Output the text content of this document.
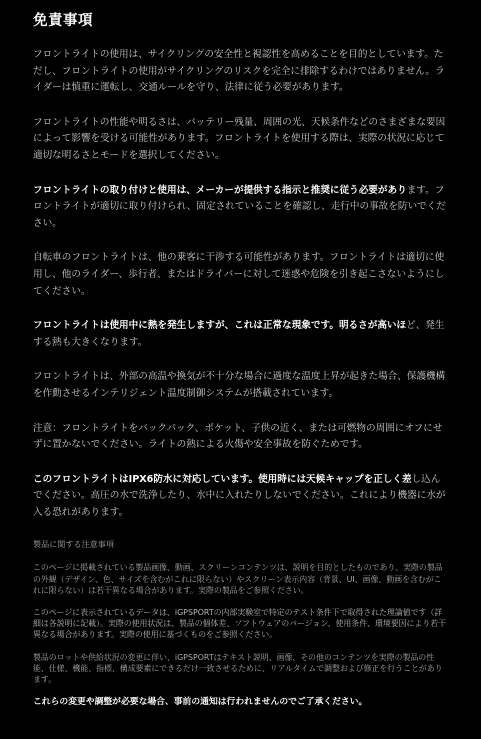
免責事項

フロントライトの使用は、サイクリングの安全性と視認性を高めることを目的としています。ただし、フロントライトの使用がサイクリングのリスクを完全に排除するわけではありません。ライダーは慎重に運転し、交通ルールを守り、法律に従う必要があります。

フロントライトの性能や明るさは、バッテリー残量、周囲の光、天候条件などのさまざまな要因によって影響を受ける可能性があります。フロントライトを使用する際は、実際の状況に応じて適切な明るさとモードを選択してください。

フロントライトの取り付けと使用は、メーカーが提供する指示と推奨に従う必要があります。フロントライトが適切に取り付けられ、固定されていることを確認し、走行中の事故を防いでください。

自転車のフロントライトは、他の乗客に干渉する可能性があります。フロントライトは適切に使用し、他のライダー、歩行者、またはドライバーに対して迷惑や危険を引き起こさないようにしてください。

フロントライトは使用中に熱を発生しますが、これは正常な現象です。明るさが高いほど、発生する熱も大きくなります。

フロントライトは、外部の高温や換気が不十分な場合に過度な温度上昇が起きた場合、保護機構を作動させるインテリジェント温度制御システムが搭載されています。

注意：フロントライトをバックパック、ポケット、子供の近く、または可燃物の周囲にオフにせずに置かないでください。ライトの熱による火傷や安全事故を防ぐためです。

このフロントライトはIPX6防水に対応しています。使用時には天候キャップを正しく差し込んでください。高圧の水で洗浄したり、水中に入れたりしないでください。これにより機器に水が入る恐れがあります。

製品に関する注意事項

このページに掲載されている製品画像、動画、スクリーンコンテンツは、説明を目的としたものであり、実際の製品の外観（デザイン、色、サイズを含むがこれに限らない）やスクリーン表示内容（背景、UI、画像、動画を含むがこれに限らない）は若干異なる場合があります。実際の製品をご参照ください。

このページに表示されているデータは、iGPSPORTの内部実験室で特定のテスト条件下で取得された理論値です（詳細は各説明に記載）。実際の使用状況は、製品の個体差、ソフトウェアのバージョン、使用条件、環境要因により若干異なる場合があります。実際の使用に基づくものをご参照ください。

製品のロットや供給状況の変更に伴い、iGPSPORTはテキスト説明、画像、その他のコンテンツを実際の製品の性能、仕様、機能、指標、構成要素にできるだけ一致させるために、リアルタイムで調整および修正を行うことがあります。

これらの変更や調整が必要な場合、事前の通知は行われませんのでご了承ください。
